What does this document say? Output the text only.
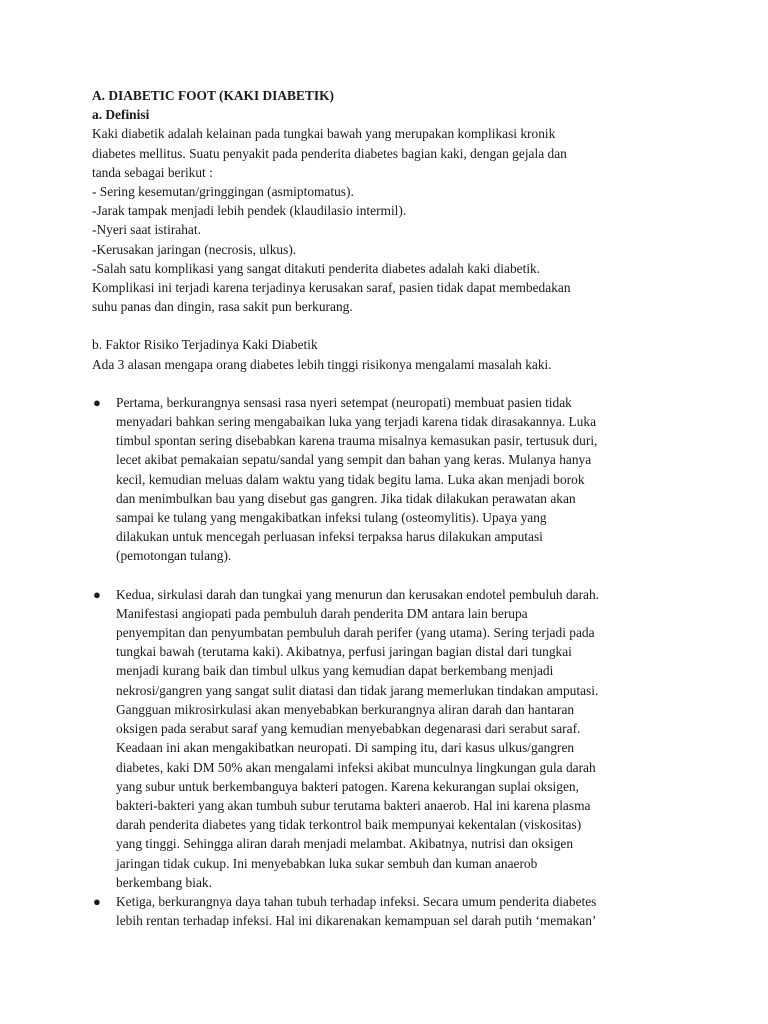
A. DIABETIC FOOT (KAKI DIABETIK)
a. Definisi
Kaki diabetik adalah kelainan pada tungkai bawah yang merupakan komplikasi kronik
diabetes mellitus. Suatu penyakit pada penderita diabetes bagian kaki, dengan gejala dan
tanda sebagai berikut :
- Sering kesemutan/gringgingan (asmiptomatus).
-Jarak tampak menjadi lebih pendek (klaudilasio intermil).
-Nyeri saat istirahat.
-Kerusakan jaringan (necrosis, ulkus).
-Salah satu komplikasi yang sangat ditakuti penderita diabetes adalah kaki diabetik.
Komplikasi ini terjadi karena terjadinya kerusakan saraf, pasien tidak dapat membedakan
suhu panas dan dingin, rasa sakit pun berkurang.
b. Faktor Risiko Terjadinya Kaki Diabetik
Ada 3 alasan mengapa orang diabetes lebih tinggi risikonya mengalami masalah kaki.
● Pertama, berkurangnya sensasi rasa nyeri setempat (neuropati) membuat pasien tidak
menyadari bahkan sering mengabaikan luka yang terjadi karena tidak dirasakannya. Luka
timbul spontan sering disebabkan karena trauma misalnya kemasukan pasir, tertusuk duri,
lecet akibat pemakaian sepatu/sandal yang sempit dan bahan yang keras. Mulanya hanya
kecil, kemudian meluas dalam waktu yang tidak begitu lama. Luka akan menjadi borok
dan menimbulkan bau yang disebut gas gangren. Jika tidak dilakukan perawatan akan
sampai ke tulang yang mengakibatkan infeksi tulang (osteomylitis). Upaya yang
dilakukan untuk mencegah perluasan infeksi terpaksa harus dilakukan amputasi
(pemotongan tulang).
● Kedua, sirkulasi darah dan tungkai yang menurun dan kerusakan endotel pembuluh darah.
Manifestasi angiopati pada pembuluh darah penderita DM antara lain berupa
penyempitan dan penyumbatan pembuluh darah perifer (yang utama). Sering terjadi pada
tungkai bawah (terutama kaki). Akibatnya, perfusi jaringan bagian distal dari tungkai
menjadi kurang baik dan timbul ulkus yang kemudian dapat berkembang menjadi
nekrosi/gangren yang sangat sulit diatasi dan tidak jarang memerlukan tindakan amputasi.
Gangguan mikrosirkulasi akan menyebabkan berkurangnya aliran darah dan hantaran
oksigen pada serabut saraf yang kemudian menyebabkan degenarasi dari serabut saraf.
Keadaan ini akan mengakibatkan neuropati. Di samping itu, dari kasus ulkus/gangren
diabetes, kaki DM 50% akan mengalami infeksi akibat munculnya lingkungan gula darah
yang subur untuk berkembanguya bakteri patogen. Karena kekurangan suplai oksigen,
bakteri-bakteri yang akan tumbuh subur terutama bakteri anaerob. Hal ini karena plasma
darah penderita diabetes yang tidak terkontrol baik mempunyai kekentalan (viskositas)
yang tinggi. Sehingga aliran darah menjadi melambat. Akibatnya, nutrisi dan oksigen
jaringan tidak cukup. Ini menyebabkan luka sukar sembuh dan kuman anaerob
berkembang biak.
● Ketiga, berkurangnya daya tahan tubuh terhadap infeksi. Secara umum penderita diabetes
lebih rentan terhadap infeksi. Hal ini dikarenakan kemampuan sel darah putih ‘memakan’
